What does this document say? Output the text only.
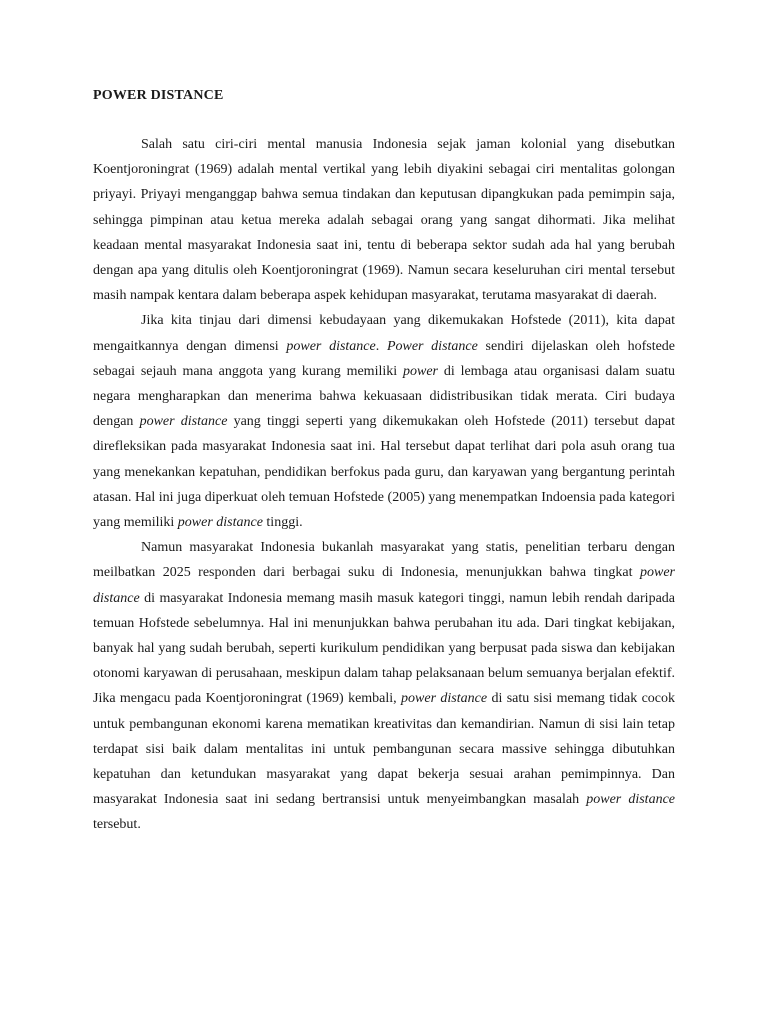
POWER DISTANCE

Salah satu ciri-ciri mental manusia Indonesia sejak jaman kolonial yang disebutkan Koentjoroningrat (1969) adalah mental vertikal yang lebih diyakini sebagai ciri mentalitas golongan priyayi. Priyayi menganggap bahwa semua tindakan dan keputusan dipangkukan pada pemimpin saja, sehingga pimpinan atau ketua mereka adalah sebagai orang yang sangat dihormati. Jika melihat keadaan mental masyarakat Indonesia saat ini, tentu di beberapa sektor sudah ada hal yang berubah dengan apa yang ditulis oleh Koentjoroningrat (1969). Namun secara keseluruhan ciri mental tersebut masih nampak kentara dalam beberapa aspek kehidupan masyarakat, terutama masyarakat di daerah.

Jika kita tinjau dari dimensi kebudayaan yang dikemukakan Hofstede (2011), kita dapat mengaitkannya dengan dimensi power distance. Power distance sendiri dijelaskan oleh hofstede sebagai sejauh mana anggota yang kurang memiliki power di lembaga atau organisasi dalam suatu negara mengharapkan dan menerima bahwa kekuasaan didistribusikan tidak merata. Ciri budaya dengan power distance yang tinggi seperti yang dikemukakan oleh Hofstede (2011) tersebut dapat direfleksikan pada masyarakat Indonesia saat ini. Hal tersebut dapat terlihat dari pola asuh orang tua yang menekankan kepatuhan, pendidikan berfokus pada guru, dan karyawan yang bergantung perintah atasan. Hal ini juga diperkuat oleh temuan Hofstede (2005) yang menempatkan Indoensia pada kategori yang memiliki power distance tinggi.

Namun masyarakat Indonesia bukanlah masyarakat yang statis, penelitian terbaru dengan meilbatkan 2025 responden dari berbagai suku di Indonesia, menunjukkan bahwa tingkat power distance di masyarakat Indonesia memang masih masuk kategori tinggi, namun lebih rendah daripada temuan Hofstede sebelumnya. Hal ini menunjukkan bahwa perubahan itu ada. Dari tingkat kebijakan, banyak hal yang sudah berubah, seperti kurikulum pendidikan yang berpusat pada siswa dan kebijakan otonomi karyawan di perusahaan, meskipun dalam tahap pelaksanaan belum semuanya berjalan efektif. Jika mengacu pada Koentjoroningrat (1969) kembali, power distance di satu sisi memang tidak cocok untuk pembangunan ekonomi karena mematikan kreativitas dan kemandirian. Namun di sisi lain tetap terdapat sisi baik dalam mentalitas ini untuk pembangunan secara massive sehingga dibutuhkan kepatuhan dan ketundukan masyarakat yang dapat bekerja sesuai arahan pemimpinnya. Dan masyarakat Indonesia saat ini sedang bertransisi untuk menyeimbangkan masalah power distance tersebut.
